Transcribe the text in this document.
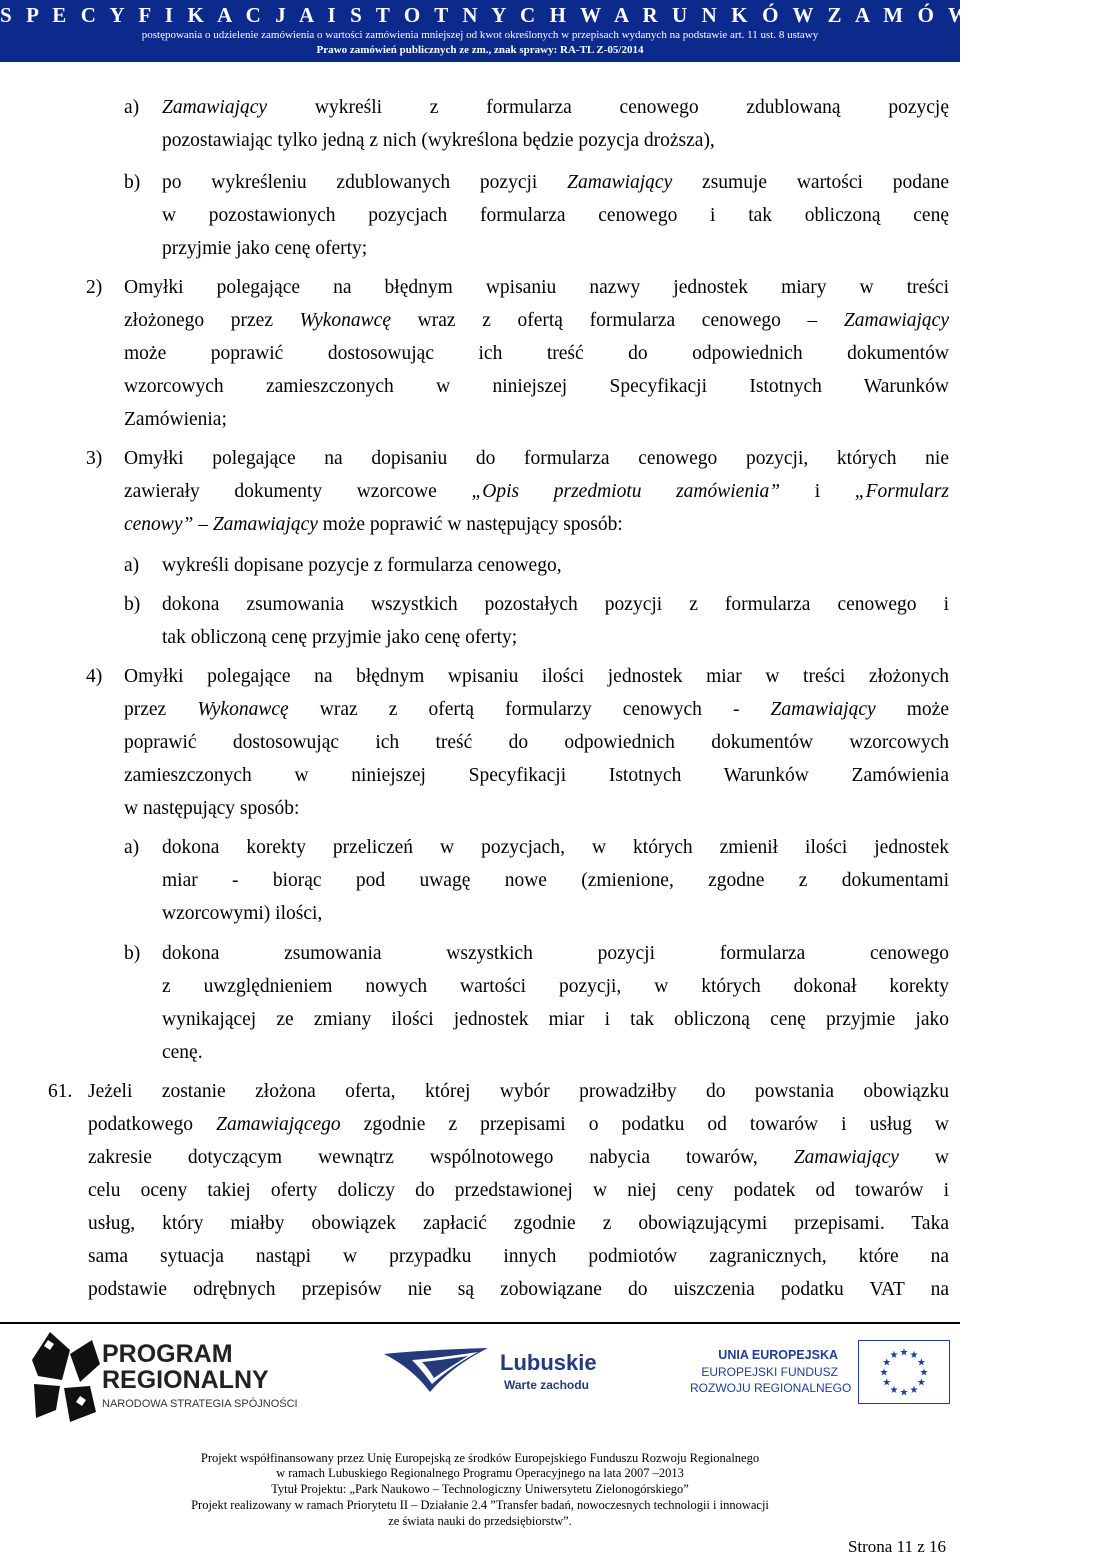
S P E C Y F I K A C J A I S T O T N Y C H W A R U N K Ó W Z A M Ó W I E N I A
postępowania o udzielenie zamówienia o wartości zamówienia mniejszej od kwot określonych w przepisach wydanych na podstawie art. 11 ust. 8 ustawy
Prawo zamówień publicznych ze zm., znak sprawy: RA-TL Z-05/2014
a) Zamawiający wykreśli z formularza cenowego zdublowaną pozycję
pozostawiając tylko jedną z nich (wykreślona będzie pozycja droższa),
b) po wykreśleniu zdublowanych pozycji Zamawiający zsumuje wartości podane
w pozostawionych pozycjach formularza cenowego i tak obliczoną cenę
przyjmie jako cenę oferty;
2) Omyłki polegające na błędnym wpisaniu nazwy jednostek miary w treści
złożonego przez Wykonawcę wraz z ofertą formularza cenowego – Zamawiający
może poprawić dostosowując ich treść do odpowiednich dokumentów
wzorcowych zamieszczonych w niniejszej Specyfikacji Istotnych Warunków
Zamówienia;
3) Omyłki polegające na dopisaniu do formularza cenowego pozycji, których nie
zawierały dokumenty wzorcowe „Opis przedmiotu zamówienia” i „Formularz
cenowy” – Zamawiający może poprawić w następujący sposób:
a) wykreśli dopisane pozycje z formularza cenowego,
b) dokona zsumowania wszystkich pozostałych pozycji z formularza cenowego i
tak obliczoną cenę przyjmie jako cenę oferty;
4) Omyłki polegające na błędnym wpisaniu ilości jednostek miar w treści złożonych
przez Wykonawcę wraz z ofertą formularzy cenowych - Zamawiający może
poprawić dostosowując ich treść do odpowiednich dokumentów wzorcowych
zamieszczonych w niniejszej Specyfikacji Istotnych Warunków Zamówienia
w następujący sposób:
a) dokona korekty przeliczeń w pozycjach, w których zmienił ilości jednostek
miar - biorąc pod uwagę nowe (zmienione, zgodne z dokumentami
wzorcowymi) ilości,
b) dokona zsumowania wszystkich pozycji formularza cenowego
z uwzględnieniem nowych wartości pozycji, w których dokonał korekty
wynikającej ze zmiany ilości jednostek miar i tak obliczoną cenę przyjmie jako
cenę.
61. Jeżeli zostanie złożona oferta, której wybór prowadziłby do powstania obowiązku
podatkowego Zamawiającego zgodnie z przepisami o podatku od towarów i usług w
zakresie dotyczącym wewnątrz wspólnotowego nabycia towarów, Zamawiający w
celu oceny takiej oferty doliczy do przedstawionej w niej ceny podatek od towarów i
usług, który miałby obowiązek zapłacić zgodnie z obowiązującymi przepisami. Taka
sama sytuacja nastąpi w przypadku innych podmiotów zagranicznych, które na
podstawie odrębnych przepisów nie są zobowiązane do uiszczenia podatku VAT na
PROGRAM
REGIONALNY
NARODOWA STRATEGIA SPÓJNOŚCI
Lubuskie
Warte zachodu
UNIA EUROPEJSKA
EUROPEJSKI FUNDUSZ
ROZWOJU REGIONALNEGO
★ ★
★
★
★
★
★
★
★
★
★
★
Projekt współfinansowany przez Unię Europejską ze środków Europejskiego Funduszu Rozwoju Regionalnego
w ramach Lubuskiego Regionalnego Programu Operacyjnego na lata 2007 –2013
Tytuł Projektu: „Park Naukowo – Technologiczny Uniwersytetu Zielonogórskiego”
Projekt realizowany w ramach Priorytetu II – Działanie 2.4 ”Transfer badań, nowoczesnych technologii i innowacji
ze świata nauki do przedsiębiorstw”.
Strona 11 z 16
